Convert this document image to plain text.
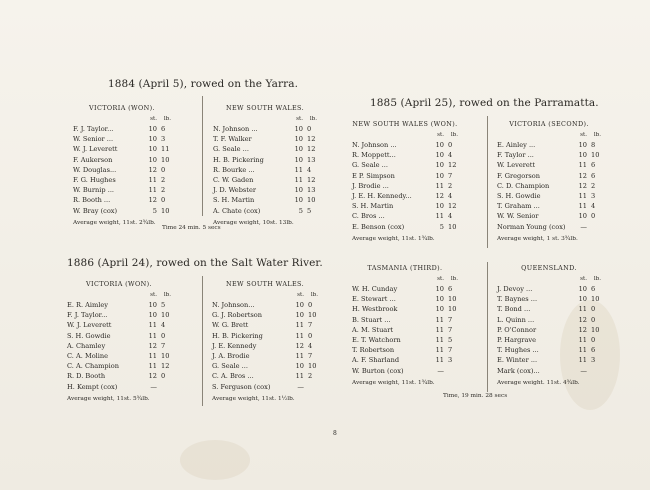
1884 (April 5), rowed on the Yarra.
VICTORIA (WON).
st. lb.
F. J. Taylor...	10 6
W. Senior ...	10 3
W. J. Leverett	10 11
F. Aukerson	10 10
W. Douglas...	12 0
F. G. Hughes	11 2
W. Burnip ...	11 2
R. Booth ...	12 0
W. Bray (cox)	5 10
Average weight, 11st. 2¾lb.
NEW SOUTH WALES.
st. lb.
N. Johnson ...	10 0
T. F. Walker	10 12
G. Seale ...	10 12
H. B. Pickering	10 13
R. Bourke ...	11 4
C. W. Gaden	11 12
J. D. Webster	10 13
S. H. Martin	10 10
A. Chate (cox)	5 5
Average weight, 10st. 13lb.
Time 24 min. 5 secs
1886 (April 24), rowed on the Salt Water River.
VICTORIA (WON).
st. lb.
E. R. Aimley	10 5
F. J. Taylor...	10 10
W. J. Leverett	11 4
S. H. Gowdie	11 0
A. Chamley	12 7
C. A. Moline	11 10
C. A. Champion	11 12
R. D. Booth	12 0
H. Kempt (cox)	—
Average weight, 11st. 5¾lb.
NEW SOUTH WALES.
st. lb.
N. Johnson...	10 0
G. J. Robertson	10 10
W. G. Brett	11 7
H. B. Pickering	11 0
J. E. Kennedy	12 4
J. A. Brodie	11 7
G. Seale ...	10 10
C. A. Bros ...	11 2
S. Ferguson (cox)	—
Average weight, 11st. 1½lb.
1885 (April 25), rowed on the Parramatta.
NEW SOUTH WALES (WON).
st. lb.
N. Johnson ...	10 0
R. Moppett...	10 4
G. Seale ...	10 12
E P. Simpson	10 7
J. Brodie ...	11 2
J. E. H. Kennedy...	12 4
S. H. Martin	10 12
C. Bros ...	11 4
E. Benson (cox)	5 10
Average weight, 11st. 1¾lb.
VICTORIA (SECOND).
st. lb.
E. Ainley ...	10 8
F. Taylor ...	10 10
W. Leverett	11 6
F. Gregorson	12 6
C. D. Champion	12 2
S. H. Gowdie	11 3
T. Graham ...	11 4
W. W. Senior	10 0
Norman Young (cox) —
Average weight, 1 st. 3¾lb.
TASMANIA (THIRD).
st. lb.
W. H. Cunday	10 6
E. Stewart ...	10 10
H. Westbrook	10 10
B. Stuart ...	11 7
A. M. Stuart	11 7
E. T. Watchorn	11 5
T. Robertson	11 7
A. F. Sharland	11 3
W. Burton (cox)	—
Average weight, 11st. 1¾lb.
QUEENSLAND.
st. lb.
J. Devoy ...	10 6
T. Baynes ...	10 10
T. Bond ...	11 0
L. Quinn ...	12 0
P. O'Connor	12 10
P. Hargrave	11 0
T. Hughes ...	11 6
E. Winter ...	11 3
Mark (cox)...	—
Average weight. 11st. 4¾lb.
Time, 19 min. 28 secs
8
